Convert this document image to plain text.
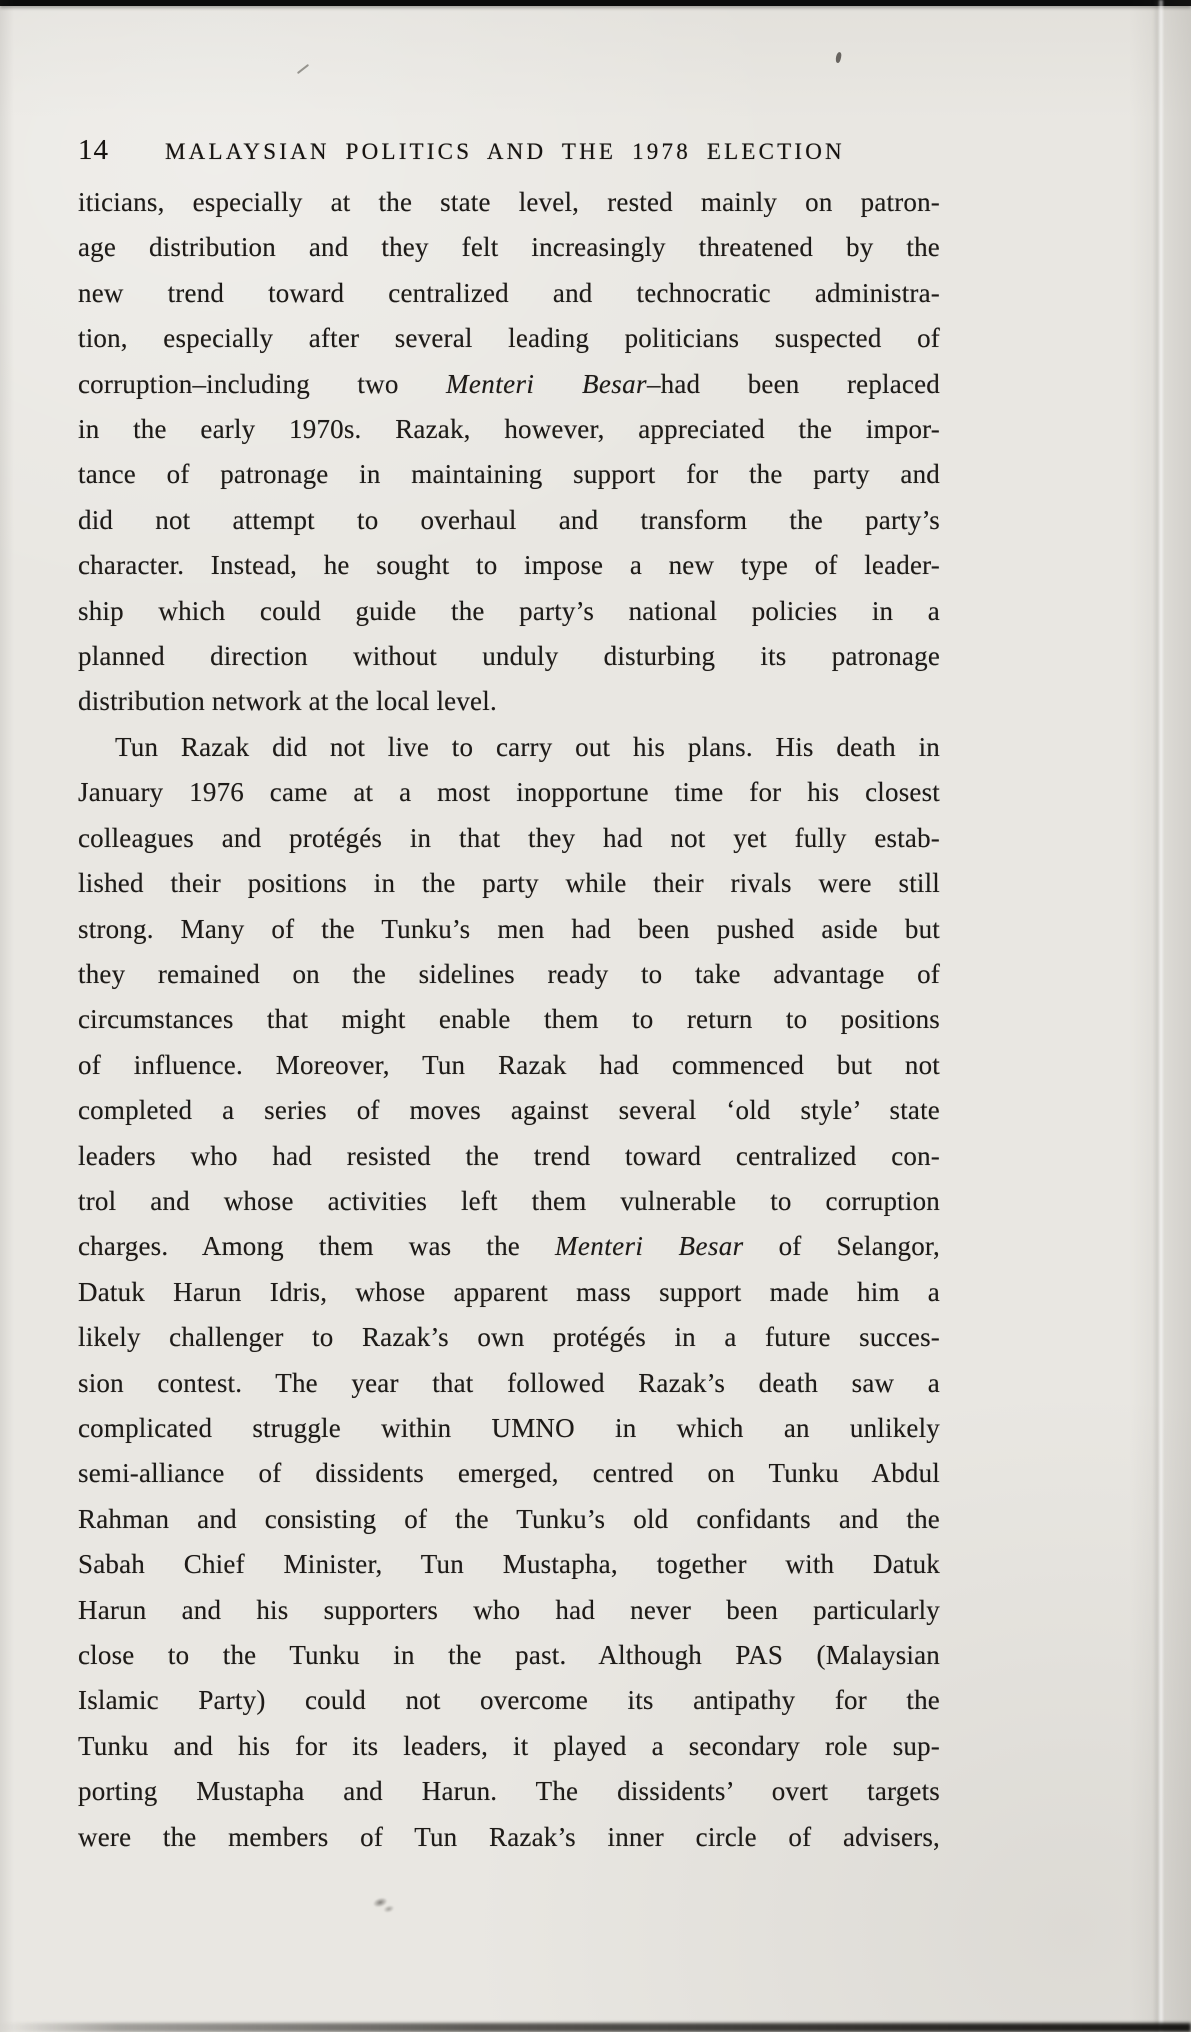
14 MALAYSIAN POLITICS AND THE 1978 ELECTION
iticians, especially at the state level, rested mainly on patron-
age distribution and they felt increasingly threatened by the
new trend toward centralized and technocratic administra-
tion, especially after several leading politicians suspected of
corruption–including two Menteri Besar–had been replaced
in the early 1970s. Razak, however, appreciated the impor-
tance of patronage in maintaining support for the party and
did not attempt to overhaul and transform the party’s
character. Instead, he sought to impose a new type of leader-
ship which could guide the party’s national policies in a
planned direction without unduly disturbing its patronage
distribution network at the local level.
Tun Razak did not live to carry out his plans. His death in
January 1976 came at a most inopportune time for his closest
colleagues and protégés in that they had not yet fully estab-
lished their positions in the party while their rivals were still
strong. Many of the Tunku’s men had been pushed aside but
they remained on the sidelines ready to take advantage of
circumstances that might enable them to return to positions
of influence. Moreover, Tun Razak had commenced but not
completed a series of moves against several ‘old style’ state
leaders who had resisted the trend toward centralized con-
trol and whose activities left them vulnerable to corruption
charges. Among them was the Menteri Besar of Selangor,
Datuk Harun Idris, whose apparent mass support made him a
likely challenger to Razak’s own protégés in a future succes-
sion contest. The year that followed Razak’s death saw a
complicated struggle within UMNO in which an unlikely
semi-alliance of dissidents emerged, centred on Tunku Abdul
Rahman and consisting of the Tunku’s old confidants and the
Sabah Chief Minister, Tun Mustapha, together with Datuk
Harun and his supporters who had never been particularly
close to the Tunku in the past. Although PAS (Malaysian
Islamic Party) could not overcome its antipathy for the
Tunku and his for its leaders, it played a secondary role sup-
porting Mustapha and Harun. The dissidents’ overt targets
were the members of Tun Razak’s inner circle of advisers,
